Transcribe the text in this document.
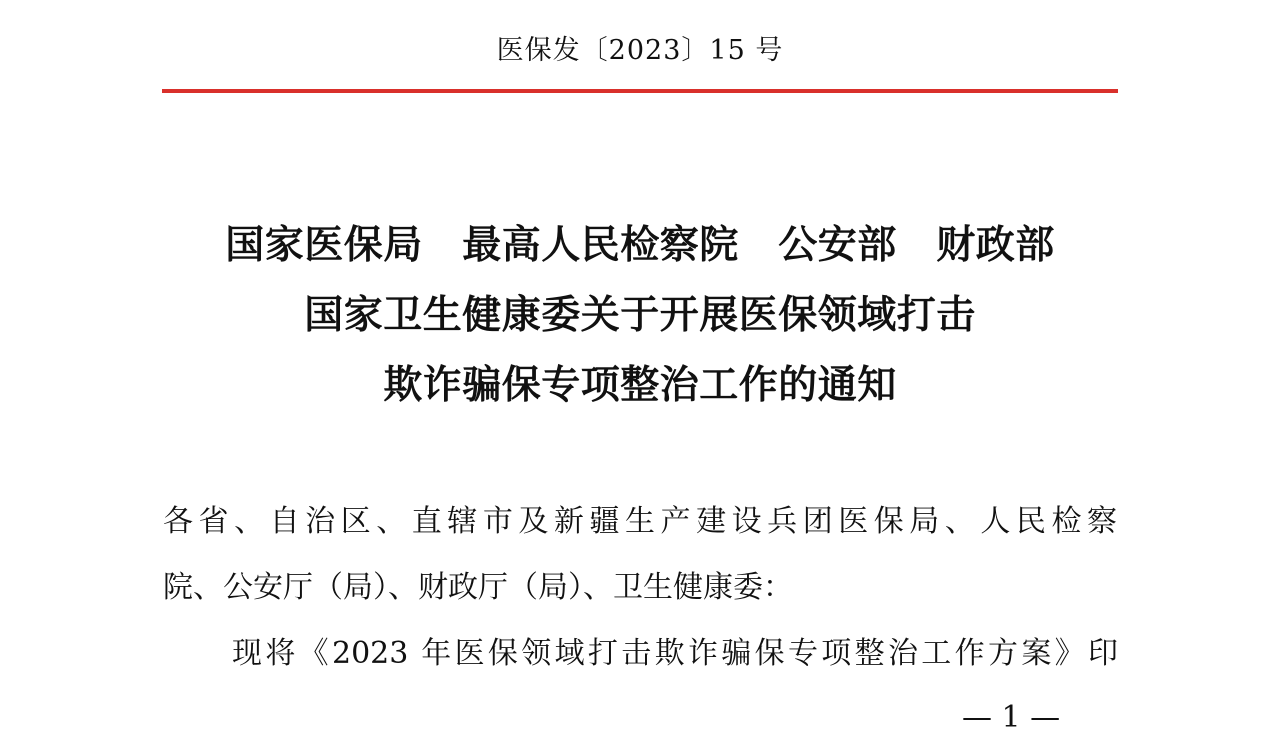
医保发〔2023〕15 号
国家医保局　最高人民检察院　公安部　财政部
国家卫生健康委关于开展医保领域打击
欺诈骗保专项整治工作的通知
各省、自治区、直辖市及新疆生产建设兵团医保局、人民检察
院、公安厅（局）、财政厅（局）、卫生健康委：
现将《2023 年医保领域打击欺诈骗保专项整治工作方案》印
— 1 —
